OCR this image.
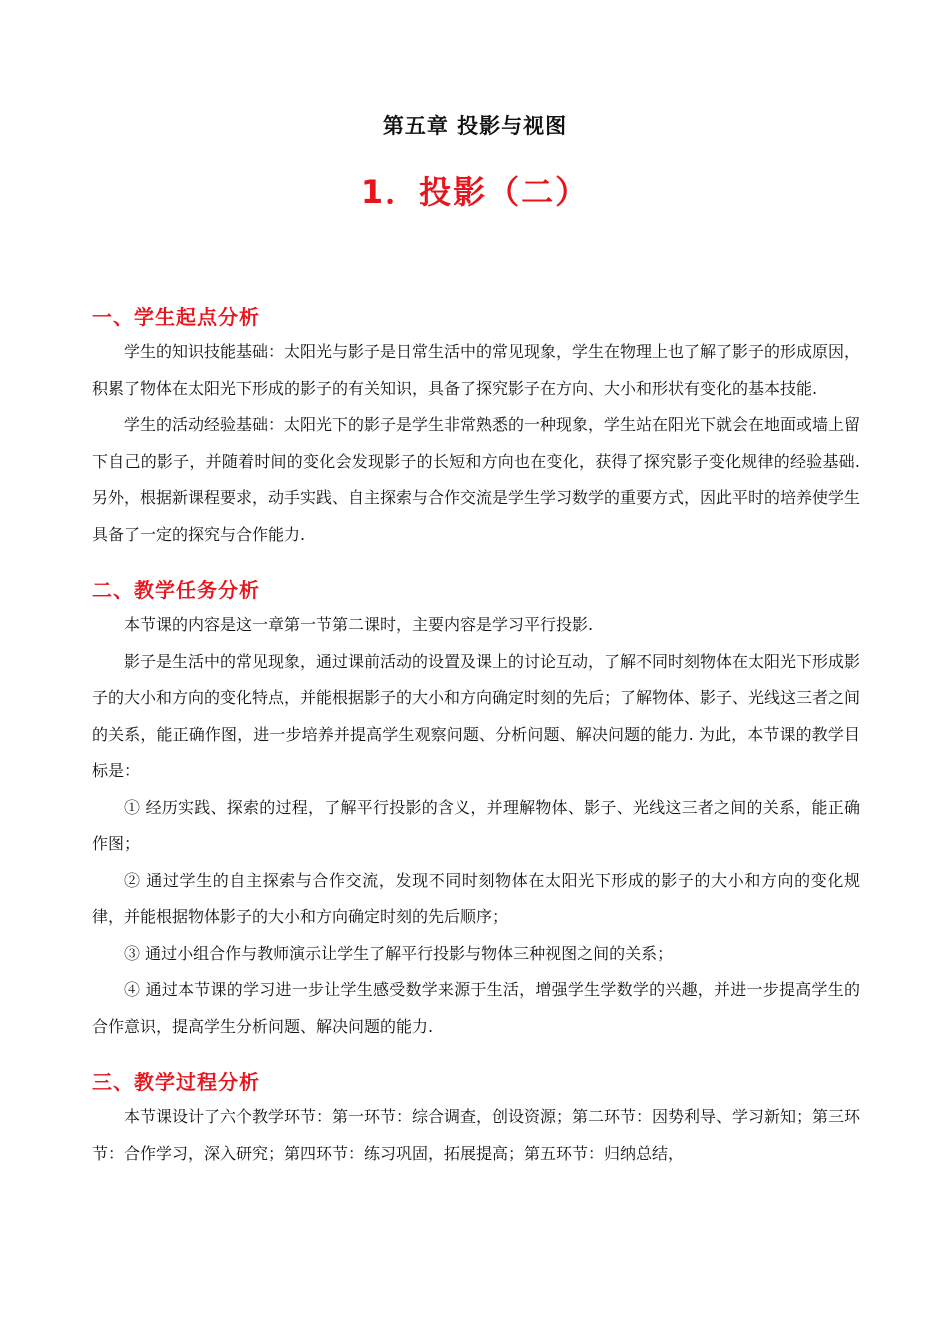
第五章 投影与视图
1．投影（二）
一、学生起点分析

学生的知识技能基础：太阳光与影子是日常生活中的常见现象，学生在物理上也了解了影子的形成原因，积累了物体在太阳光下形成的影子的有关知识，具备了探究影子在方向、大小和形状有变化的基本技能.

学生的活动经验基础：太阳光下的影子是学生非常熟悉的一种现象，学生站在阳光下就会在地面或墙上留下自己的影子，并随着时间的变化会发现影子的长短和方向也在变化，获得了探究影子变化规律的经验基础. 另外，根据新课程要求，动手实践、自主探索与合作交流是学生学习数学的重要方式，因此平时的培养使学生具备了一定的探究与合作能力.

二、教学任务分析

本节课的内容是这一章第一节第二课时，主要内容是学习平行投影.

影子是生活中的常见现象，通过课前活动的设置及课上的讨论互动，了解不同时刻物体在太阳光下形成影子的大小和方向的变化特点，并能根据影子的大小和方向确定时刻的先后；了解物体、影子、光线这三者之间的关系，能正确作图，进一步培养并提高学生观察问题、分析问题、解决问题的能力. 为此，本节课的教学目标是：

① 经历实践、探索的过程，了解平行投影的含义，并理解物体、影子、光线这三者之间的关系，能正确作图；

② 通过学生的自主探索与合作交流，发现不同时刻物体在太阳光下形成的影子的大小和方向的变化规律，并能根据物体影子的大小和方向确定时刻的先后顺序；

③ 通过小组合作与教师演示让学生了解平行投影与物体三种视图之间的关系；

④ 通过本节课的学习进一步让学生感受数学来源于生活，增强学生学数学的兴趣，并进一步提高学生的合作意识，提高学生分析问题、解决问题的能力.

三、教学过程分析

本节课设计了六个教学环节：第一环节：综合调查，创设资源；第二环节：因势利导、学习新知；第三环节：合作学习，深入研究；第四环节：练习巩固，拓展提高；第五环节：归纳总结，
